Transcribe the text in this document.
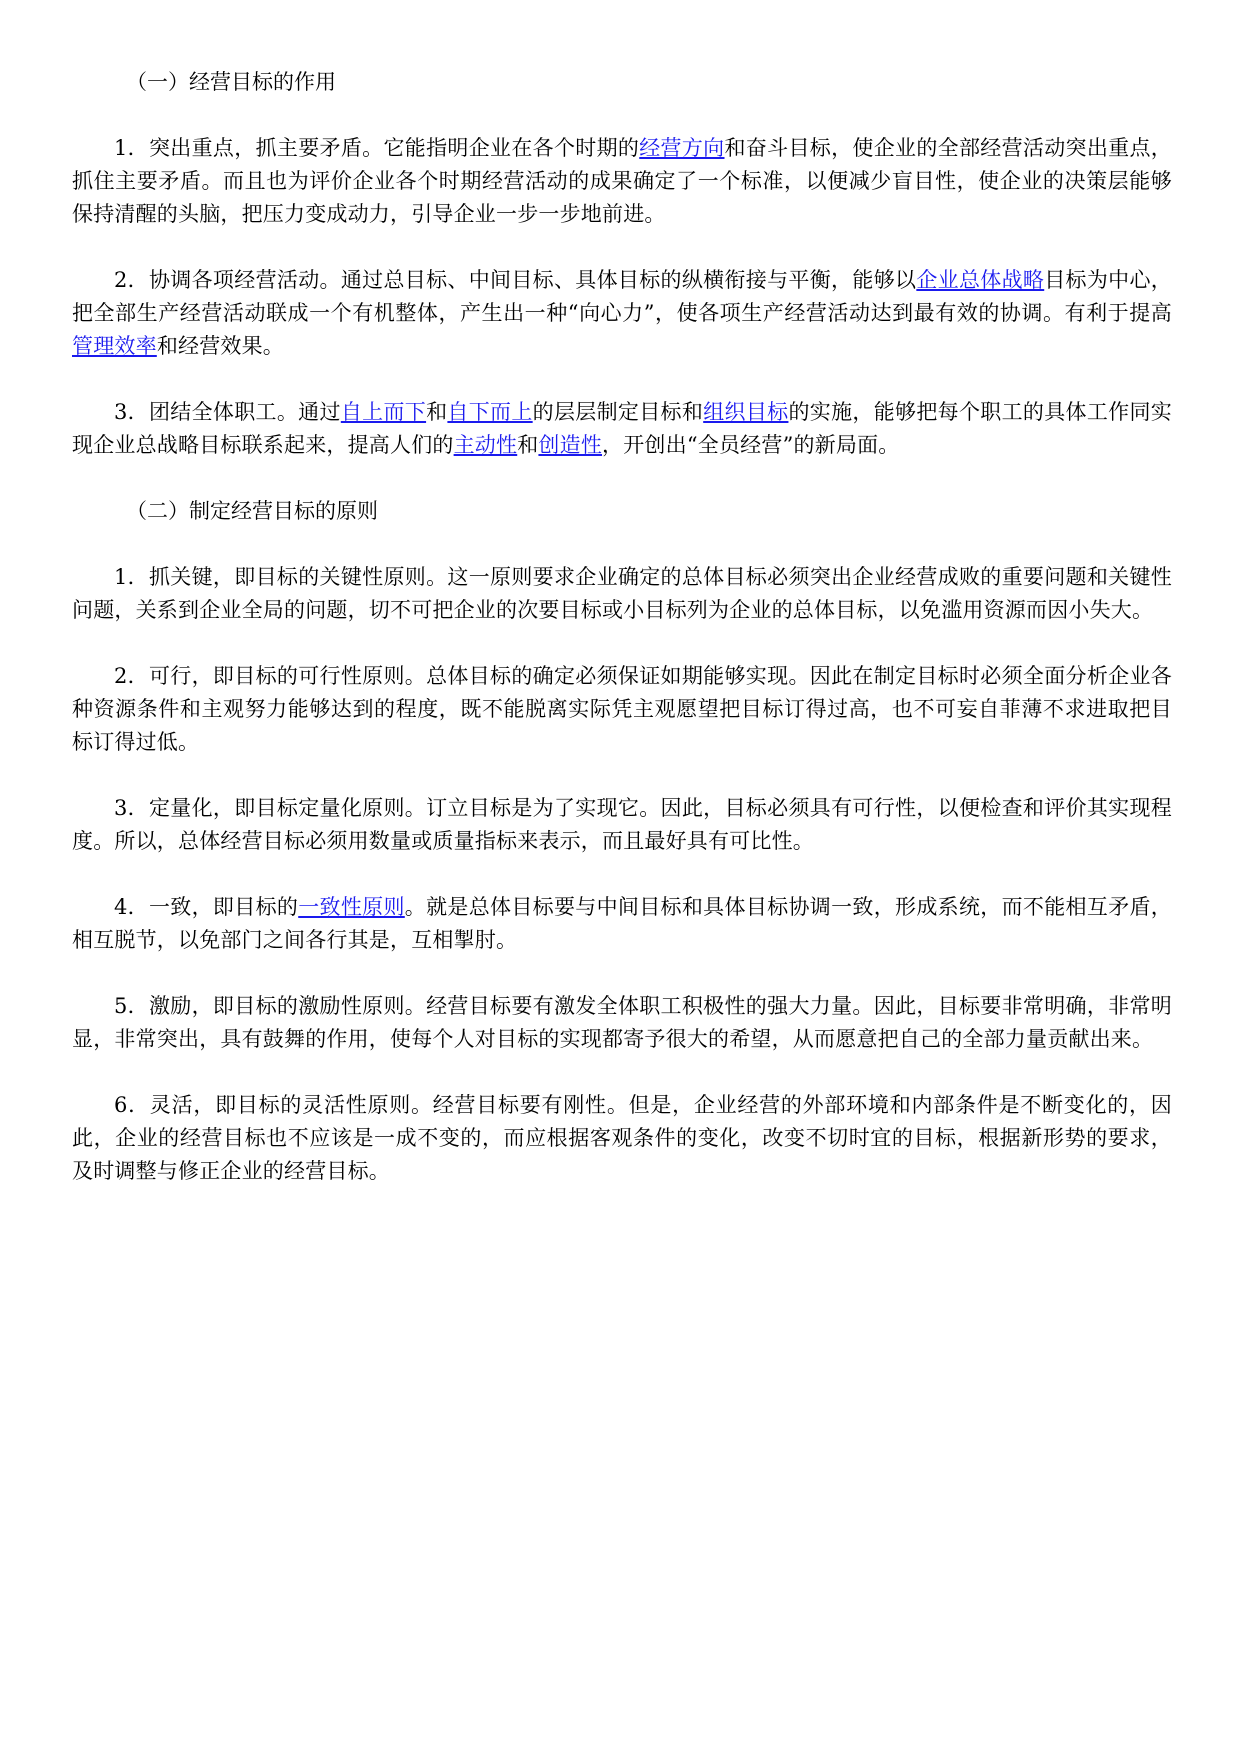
（一）经营目标的作用

1．突出重点，抓主要矛盾。它能指明企业在各个时期的经营方向和奋斗目标，使企业的全部经营活动突出重点，抓住主要矛盾。而且也为评价企业各个时期经营活动的成果确定了一个标准，以便减少盲目性，使企业的决策层能够保持清醒的头脑，把压力变成动力，引导企业一步一步地前进。

2．协调各项经营活动。通过总目标、中间目标、具体目标的纵横衔接与平衡，能够以企业总体战略目标为中心，把全部生产经营活动联成一个有机整体，产生出一种“向心力”，使各项生产经营活动达到最有效的协调。有利于提高管理效率和经营效果。

3．团结全体职工。通过自上而下和自下而上的层层制定目标和组织目标的实施，能够把每个职工的具体工作同实现企业总战略目标联系起来，提高人们的主动性和创造性，开创出“全员经营”的新局面。

（二）制定经营目标的原则

1．抓关键，即目标的关键性原则。这一原则要求企业确定的总体目标必须突出企业经营成败的重要问题和关键性问题，关系到企业全局的问题，切不可把企业的次要目标或小目标列为企业的总体目标，以免滥用资源而因小失大。

2．可行，即目标的可行性原则。总体目标的确定必须保证如期能够实现。因此在制定目标时必须全面分析企业各种资源条件和主观努力能够达到的程度，既不能脱离实际凭主观愿望把目标订得过高，也不可妄自菲薄不求进取把目标订得过低。

3．定量化，即目标定量化原则。订立目标是为了实现它。因此，目标必须具有可行性，以便检查和评价其实现程度。所以，总体经营目标必须用数量或质量指标来表示，而且最好具有可比性。

4．一致，即目标的一致性原则。就是总体目标要与中间目标和具体目标协调一致，形成系统，而不能相互矛盾，相互脱节，以免部门之间各行其是，互相掣肘。

5．激励，即目标的激励性原则。经营目标要有激发全体职工积极性的强大力量。因此，目标要非常明确，非常明显，非常突出，具有鼓舞的作用，使每个人对目标的实现都寄予很大的希望，从而愿意把自己的全部力量贡献出来。

6．灵活，即目标的灵活性原则。经营目标要有刚性。但是，企业经营的外部环境和内部条件是不断变化的，因此，企业的经营目标也不应该是一成不变的，而应根据客观条件的变化，改变不切时宜的目标，根据新形势的要求，及时调整与修正企业的经营目标。
